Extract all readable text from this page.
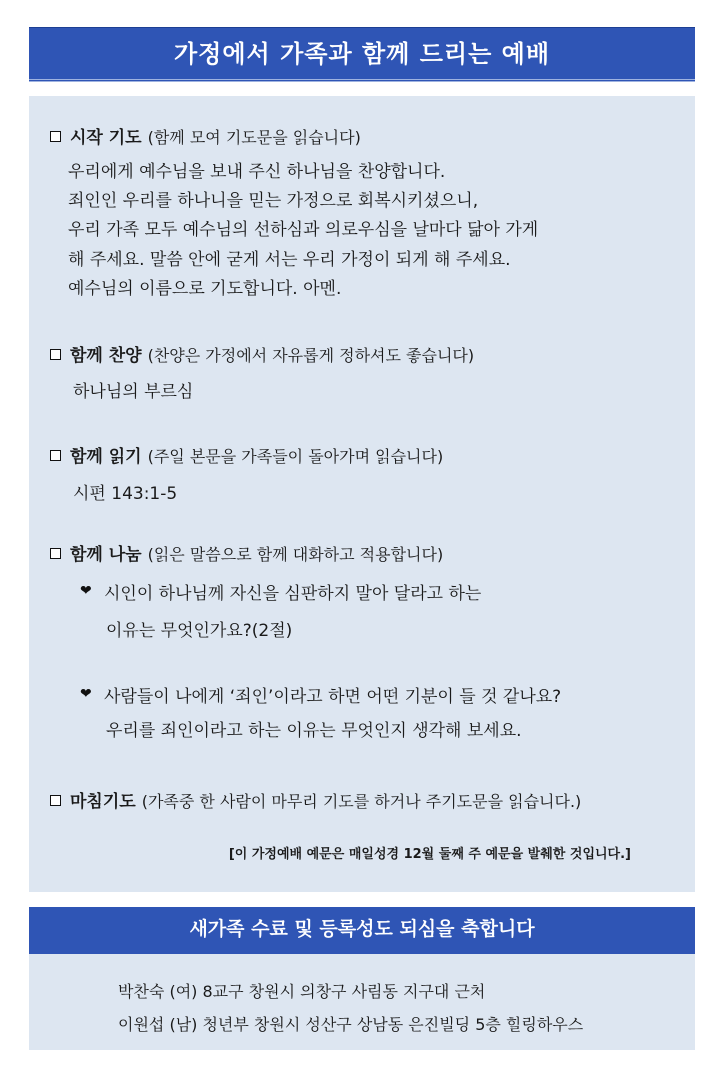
가정에서 가족과 함께 드리는 예배
시작 기도 (함께 모여 기도문을 읽습니다)
우리에게 예수님을 보내 주신 하나님을 찬양합니다.
죄인인 우리를 하나니을 믿는 가정으로 회복시키셨으니,
우리 가족 모두 예수님의 선하심과 의로우심을 날마다 닮아 가게
해 주세요. 말씀 안에 굳게 서는 우리 가정이 되게 해 주세요.
예수님의 이름으로 기도합니다. 아멘.
함께 찬양 (찬양은 가정에서 자유롭게 정하셔도 좋습니다)
하나님의 부르심
함께 읽기 (주일 본문을 가족들이 돌아가며 읽습니다)
시편 143:1-5
함께 나눔 (읽은 말씀으로 함께 대화하고 적용합니다)
❤ 시인이 하나님께 자신을 심판하지 말아 달라고 하는
이유는 무엇인가요?(2절)
❤ 사람들이 나에게 ‘죄인’이라고 하면 어떤 기분이 들 것 같나요?
우리를 죄인이라고 하는 이유는 무엇인지 생각해 보세요.
마침기도 (가족중 한 사람이 마무리 기도를 하거나 주기도문을 읽습니다.)
[이 가정예배 예문은 매일성경 12월 둘째 주 예문을 발췌한 것입니다.]
새가족 수료 및 등록성도 되심을 축합니다
박찬숙 (여) 8교구 창원시 의창구 사림동 지구대 근처
이원섭 (남) 청년부 창원시 성산구 상남동 은진빌딩 5층 힐링하우스
